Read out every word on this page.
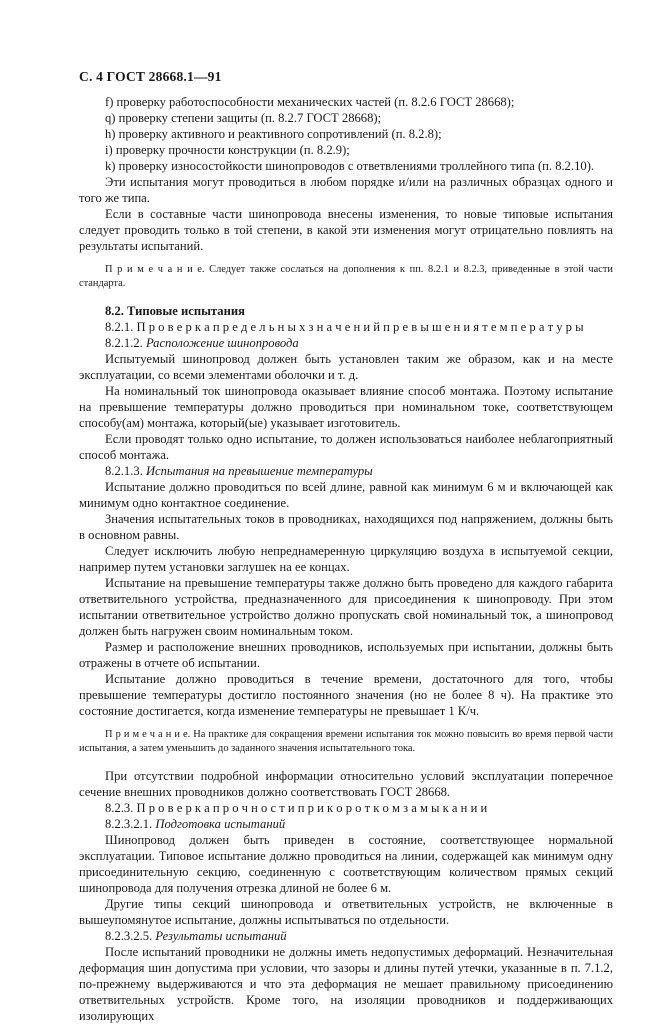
С. 4 ГОСТ 28668.1—91

f) проверку работоспособности механических частей (п. 8.2.6 ГОСТ 28668);

q) проверку степени защиты (п. 8.2.7 ГОСТ 28668);

h) проверку активного и реактивного сопротивлений (п. 8.2.8);

i) проверку прочности конструкции (п. 8.2.9);

k) проверку износостойкости шинопроводов с ответвлениями троллейного типа (п. 8.2.10).

Эти испытания могут проводиться в любом порядке и/или на различных образцах одного и того же типа.

Если в составные части шинопровода внесены изменения, то новые типовые испытания следует проводить только в той степени, в какой эти изменения могут отрицательно повлиять на результаты испытаний.

П р и м е ч а н и е. Следует также сослаться на дополнения к пп. 8.2.1 и 8.2.3, приведенные в этой части стандарта.

8.2. Типовые испытания

8.2.1. П р о в е р к а п р е д е л ь н ы х з н а ч е н и й п р е в ы ш е н и я т е м п е р а т у р ы

8.2.1.2. Расположение шинопровода

Испытуемый шинопровод должен быть установлен таким же образом, как и на месте эксплуатации, со всеми элементами оболочки и т. д.

На номинальный ток шинопровода оказывает влияние способ монтажа. Поэтому испытание на превышение температуры должно проводиться при номинальном токе, соответствующем способу(ам) монтажа, который(ые) указывает изготовитель.

Если проводят только одно испытание, то должен использоваться наиболее неблагоприятный способ монтажа.

8.2.1.3. Испытания на превышение температуры

Испытание должно проводиться по всей длине, равной как минимум 6 м и включающей как минимум одно контактное соединение.

Значения испытательных токов в проводниках, находящихся под напряжением, должны быть в основном равны.

Следует исключить любую непреднамеренную циркуляцию воздуха в испытуемой секции, например путем установки заглушек на ее концах.

Испытание на превышение температуры также должно быть проведено для каждого габарита ответвительного устройства, предназначенного для присоединения к шинопроводу. При этом испытании ответвительное устройство должно пропускать свой номинальный ток, а шинопровод должен быть нагружен своим номинальным током.

Размер и расположение внешних проводников, используемых при испытании, должны быть отражены в отчете об испытании.

Испытание должно проводиться в течение времени, достаточного для того, чтобы превышение температуры достигло постоянного значения (но не более 8 ч). На практике это состояние достигается, когда изменение температуры не превышает 1 К/ч.

П р и м е ч а н и е. На практике для сокращения времени испытания ток можно повысить во время первой части испытания, а затем уменьшить до заданного значения испытательного тока.

При отсутствии подробной информации относительно условий эксплуатации поперечное сечение внешних проводников должно соответствовать ГОСТ 28668.

8.2.3. П р о в е р к а п р о ч н о с т и п р и к о р о т к о м з а м ы к а н и и

8.2.3.2.1. Подготовка испытаний

Шинопровод должен быть приведен в состояние, соответствующее нормальной эксплуатации. Типовое испытание должно проводиться на линии, содержащей как минимум одну присоединительную секцию, соединенную с соответствующим количеством прямых секций шинопровода для получения отрезка длиной не более 6 м.

Другие типы секций шинопровода и ответвительных устройств, не включенные в вышеупомянутое испытание, должны испытываться по отдельности.

8.2.3.2.5. Результаты испытаний

После испытаний проводники не должны иметь недопустимых деформаций. Незначительная деформация шин допустима при условии, что зазоры и длины путей утечки, указанные в п. 7.1.2, по-прежнему выдерживаются и что эта деформация не мешает правильному присоединению ответвительных устройств. Кроме того, на изоляции проводников и поддерживающих изолирующих
